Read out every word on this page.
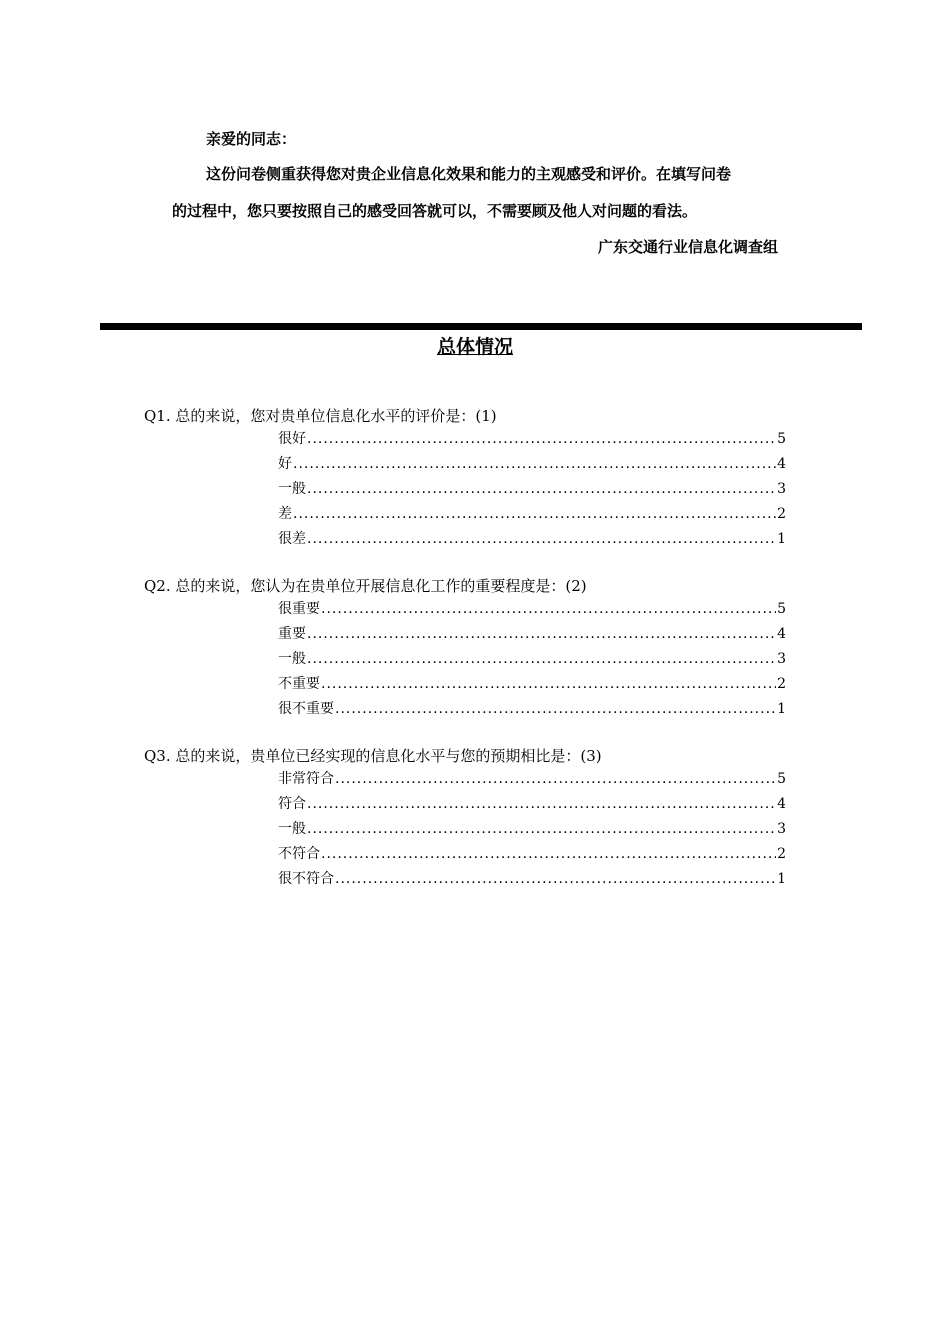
亲爱的同志：
这份问卷侧重获得您对贵企业信息化效果和能力的主观感受和评价。在填写问卷
的过程中，您只要按照自己的感受回答就可以，不需要顾及他人对问题的看法。
广东交通行业信息化调查组
总体情况
Q1. 总的来说，您对贵单位信息化水平的评价是：(1)
很好 .....	5
好 .....	4
一般 .....	3
差 .....	2
很差 .....	1
Q2. 总的来说，您认为在贵单位开展信息化工作的重要程度是：(2)
很重要 .....	5
重要 .....	4
一般 .....	3
不重要 .....	2
很不重要 .....	1
Q3. 总的来说，贵单位已经实现的信息化水平与您的预期相比是：(3)
非常符合 .....	5
符合 .....	4
一般 .....	3
不符合 .....	2
很不符合 .....	1
